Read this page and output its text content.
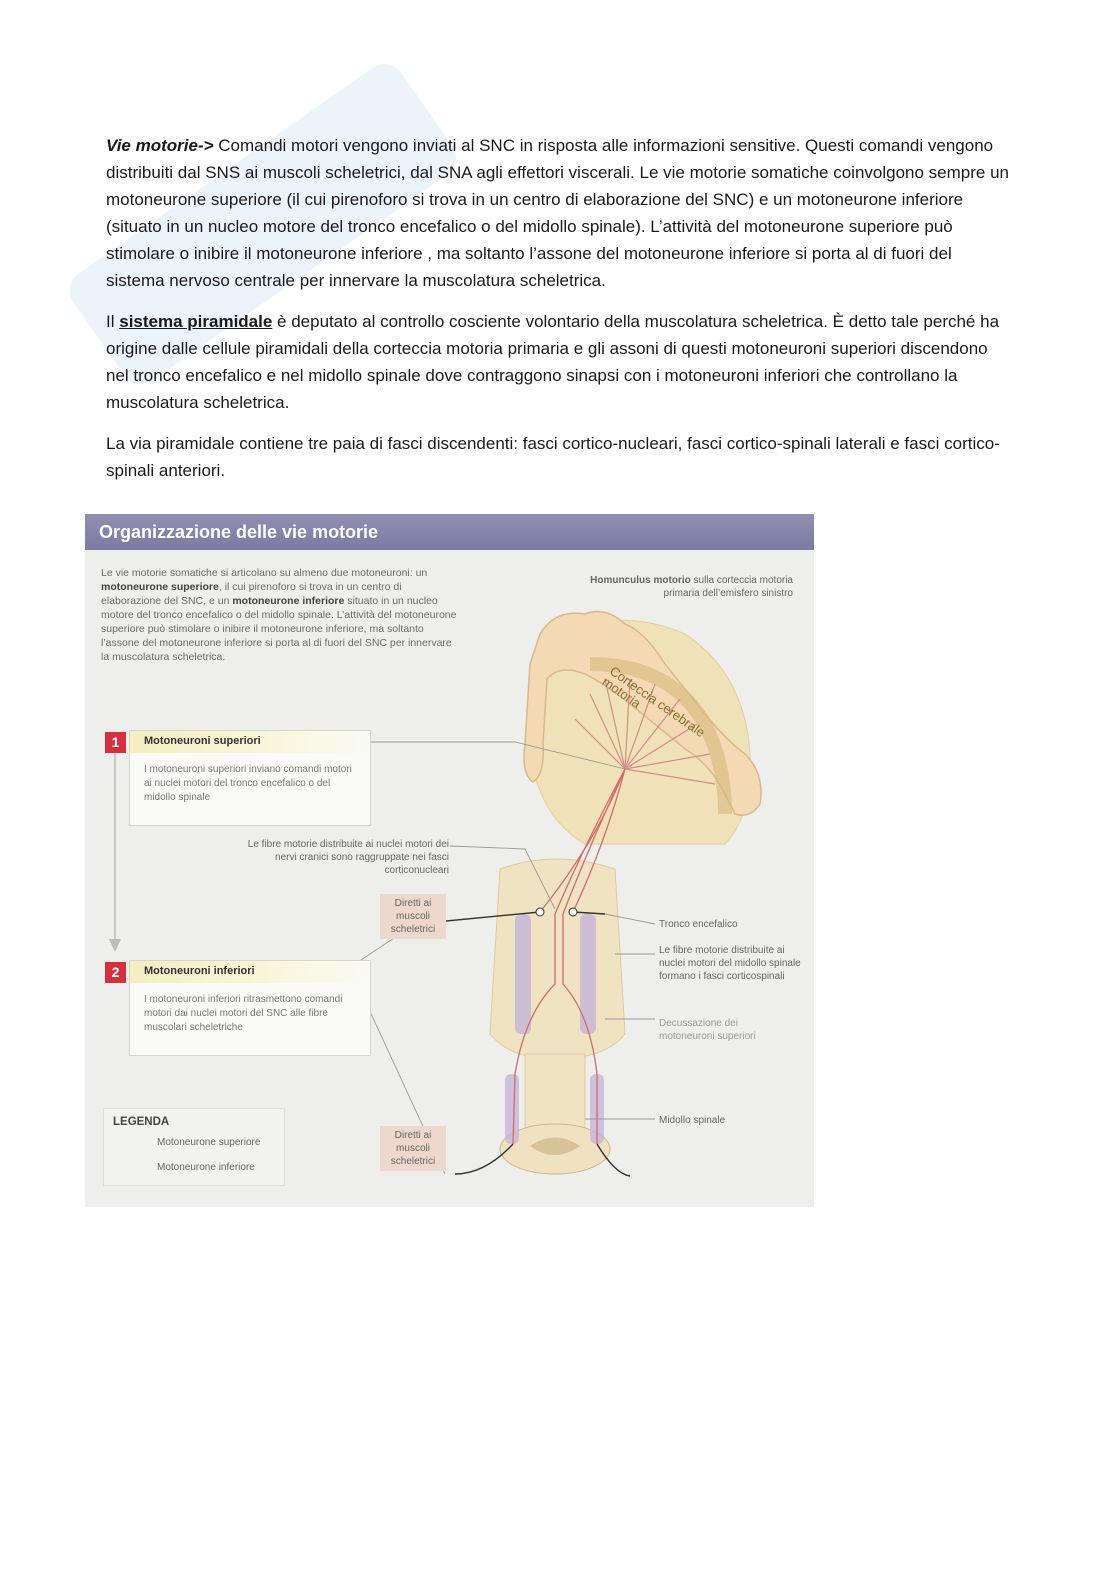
Vie motorie-> Comandi motori vengono inviati al SNC in risposta alle informazioni sensitive. Questi comandi vengono distribuiti dal SNS ai muscoli scheletrici, dal SNA agli effettori viscerali. Le vie motorie somatiche coinvolgono sempre un motoneurone superiore (il cui pirenoforo si trova in un centro di elaborazione del SNC) e un motoneurone inferiore (situato in un nucleo motore del tronco encefalico o del midollo spinale). L’attività del motoneurone superiore può stimolare o inibire il motoneurone inferiore , ma soltanto l’assone del motoneurone inferiore si porta al di fuori del sistema nervoso centrale per innervare la muscolatura scheletrica.

Il sistema piramidale è deputato al controllo cosciente volontario della muscolatura scheletrica. È detto tale perché ha origine dalle cellule piramidali della corteccia motoria primaria e gli assoni di questi motoneuroni superiori discendono nel tronco encefalico e nel midollo spinale dove contraggono sinapsi con i motoneuroni inferiori che controllano la muscolatura scheletrica.

La via piramidale contiene tre paia di fasci discendenti: fasci cortico-nucleari, fasci cortico-spinali laterali e fasci cortico-spinali anteriori.

Organizzazione delle vie motorie
Le vie motorie somatiche si articolano su almeno due motoneuroni: un motoneurone superiore, il cui pirenoforo si trova in un centro di elaborazione del SNC, e un motoneurone inferiore situato in un nucleo motore del tronco encefalico o del midollo spinale. L’attività del motoneurone superiore può stimolare o inibire il motoneurone inferiore, ma soltanto l’assone del motoneurone inferiore si porta al di fuori del SNC per innervare la muscolatura scheletrica.
1	Motoneuroni superiori
I motoneuroni superiori inviano comandi motori ai nuclei motori del tronco encefalico o del midollo spinale
2	Motoneuroni inferiori
I motoneuroni inferiori ritrasmettono comandi motori dai nuclei motori del SNC alle fibre muscolari scheletriche
Homunculus motorio sulla corteccia motoria primaria dell’emisfero sinistro
Corteccia cerebrale motoria
Le fibre motorie distribuite ai nuclei motori dei nervi cranici sono raggruppate nei fasci corticonucleari
Diretti ai muscoli scheletrici	Tronco encefalico
Le fibre motorie distribuite ai nuclei motori del midollo spinale formano i fasci corticospinali
Decussazione dei motoneuroni superiori
Midollo spinale
Diretti ai muscoli scheletrici
LEGENDA
Motoneurone superiore
Motoneurone inferiore
